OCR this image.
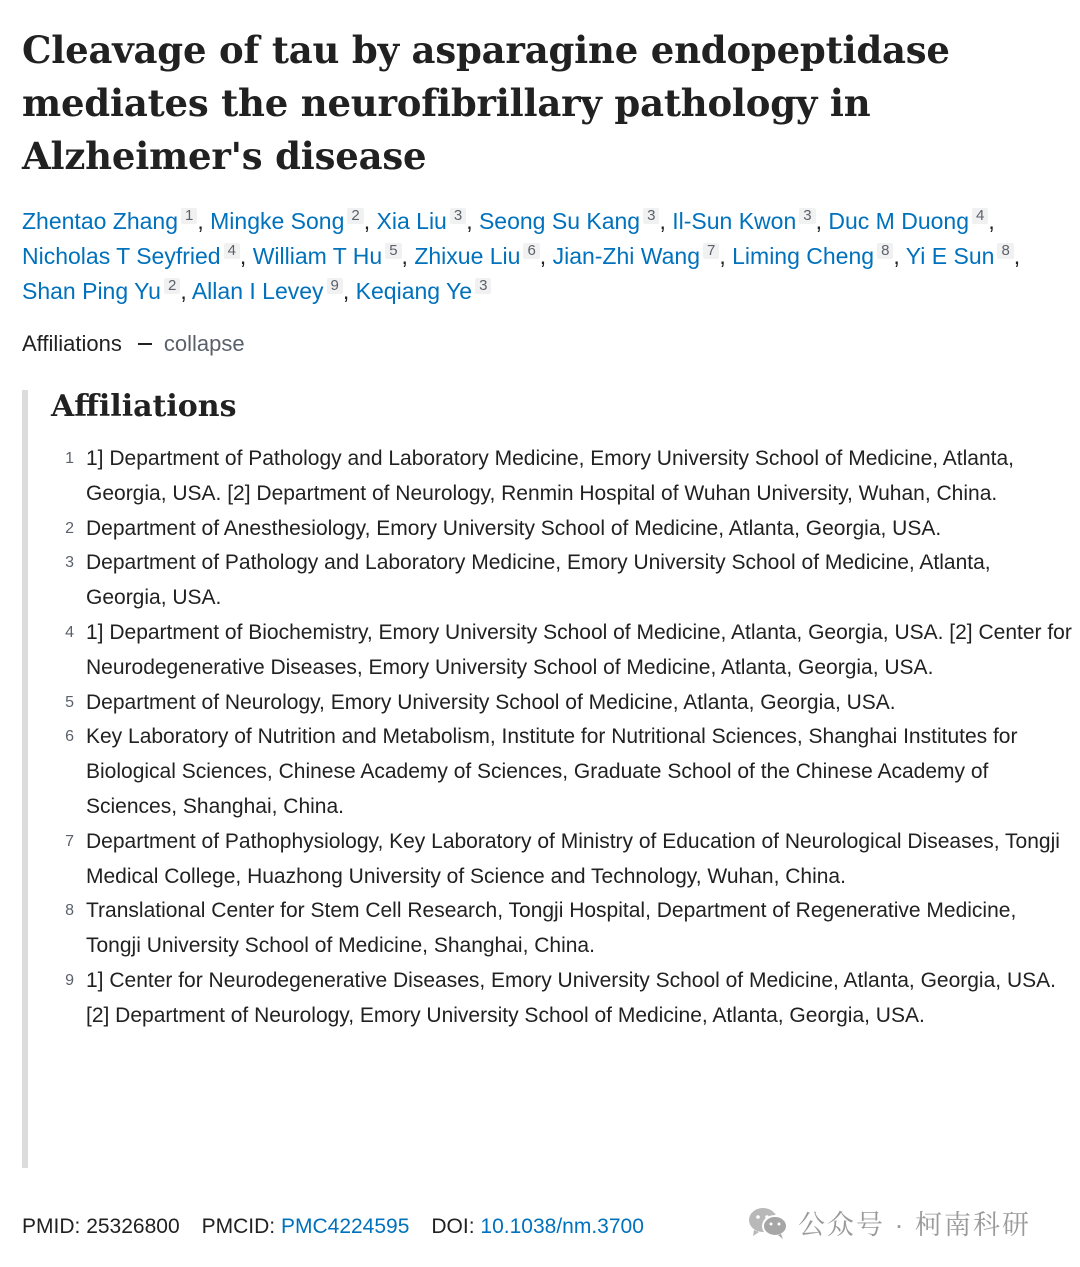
Cleavage of tau by asparagine endopeptidase mediates the neurofibrillary pathology in Alzheimer's disease
Zhentao Zhang 1 , Mingke Song 2 , Xia Liu 3 , Seong Su Kang 3 , Il-Sun Kwon 3 , Duc M Duong 4 , Nicholas T Seyfried 4 , William T Hu 5 , Zhixue Liu 6 , Jian-Zhi Wang 7 , Liming Cheng 8 , Yi E Sun 8 , Shan Ping Yu 2 , Allan I Levey 9 , Keqiang Ye 3
Affiliations collapse
Affiliations
1 1] Department of Pathology and Laboratory Medicine, Emory University School of Medicine, Atlanta, Georgia, USA. [2] Department of Neurology, Renmin Hospital of Wuhan University, Wuhan, China.
2 Department of Anesthesiology, Emory University School of Medicine, Atlanta, Georgia, USA.
3 Department of Pathology and Laboratory Medicine, Emory University School of Medicine, Atlanta, Georgia, USA.
4 1] Department of Biochemistry, Emory University School of Medicine, Atlanta, Georgia, USA. [2] Center for Neurodegenerative Diseases, Emory University School of Medicine, Atlanta, Georgia, USA.
5 Department of Neurology, Emory University School of Medicine, Atlanta, Georgia, USA.
6 Key Laboratory of Nutrition and Metabolism, Institute for Nutritional Sciences, Shanghai Institutes for Biological Sciences, Chinese Academy of Sciences, Graduate School of the Chinese Academy of Sciences, Shanghai, China.
7 Department of Pathophysiology, Key Laboratory of Ministry of Education of Neurological Diseases, Tongji Medical College, Huazhong University of Science and Technology, Wuhan, China.
8 Translational Center for Stem Cell Research, Tongji Hospital, Department of Regenerative Medicine, Tongji University School of Medicine, Shanghai, China.
9 1] Center for Neurodegenerative Diseases, Emory University School of Medicine, Atlanta, Georgia, USA. [2] Department of Neurology, Emory University School of Medicine, Atlanta, Georgia, USA.
PMID:
25326800 PMCID:
PMC4224595 DOI:
10.1038/nm.3700	公众号 · 柯南科研
